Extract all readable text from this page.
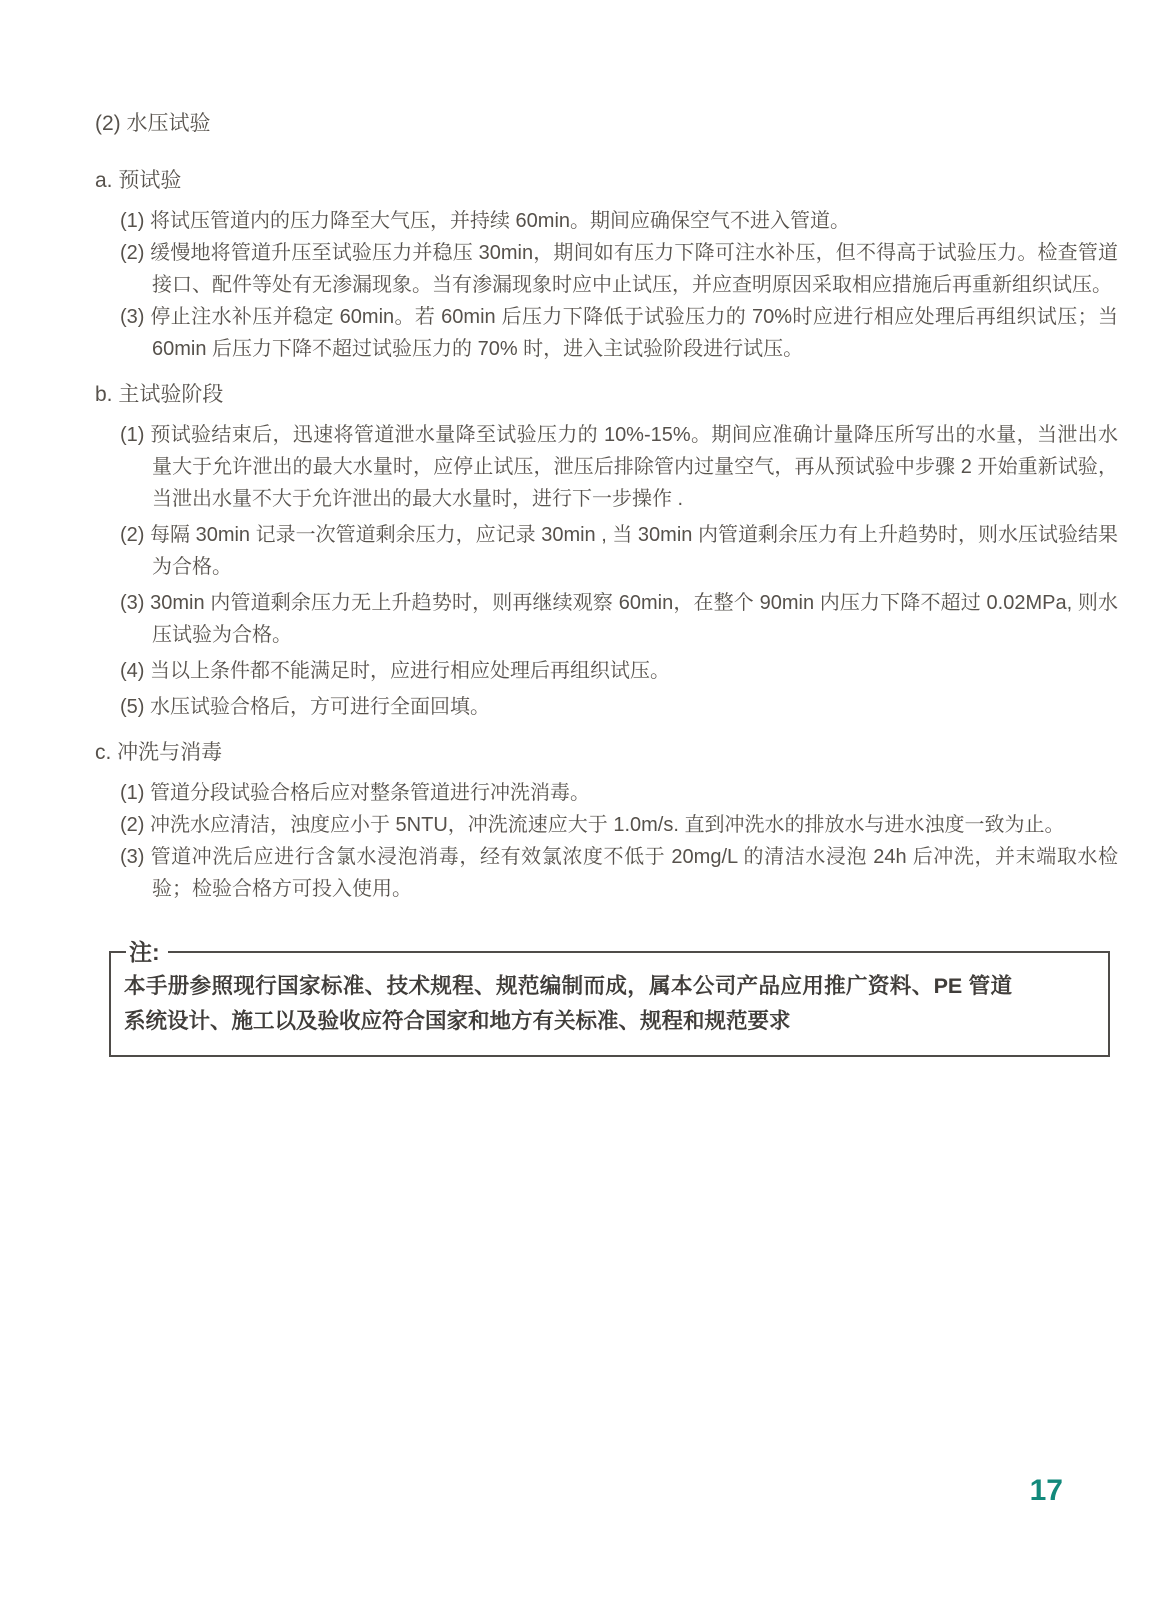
(2) 水压试验

a. 预试验

(1) 将试压管道内的压力降至大气压，并持续 60min。期间应确保空气不进入管道。

(2) 缓慢地将管道升压至试验压力并稳压 30min，期间如有压力下降可注水补压，但不得高于试验压力。检查管道接口、配件等处有无渗漏现象。当有渗漏现象时应中止试压，并应查明原因采取相应措施后再重新组织试压。

(3) 停止注水补压并稳定 60min。若 60min 后压力下降低于试验压力的 70%时应进行相应处理后再组织试压；当 60min 后压力下降不超过试验压力的 70% 时，进入主试验阶段进行试压。

b. 主试验阶段

(1) 预试验结束后，迅速将管道泄水量降至试验压力的 10%-15%。期间应准确计量降压所写出的水量，当泄出水量大于允许泄出的最大水量时，应停止试压，泄压后排除管内过量空气，再从预试验中步骤 2 开始重新试验，当泄出水量不大于允许泄出的最大水量时，进行下一步操作 .

(2) 每隔 30min 记录一次管道剩余压力，应记录 30min , 当 30min 内管道剩余压力有上升趋势时，则水压试验结果为合格。

(3) 30min 内管道剩余压力无上升趋势时，则再继续观察 60min，在整个 90min 内压力下降不超过 0.02MPa, 则水压试验为合格。

(4) 当以上条件都不能满足时，应进行相应处理后再组织试压。

(5) 水压试验合格后，方可进行全面回填。

c. 冲洗与消毒

(1) 管道分段试验合格后应对整条管道进行冲洗消毒。

(2) 冲洗水应清洁，浊度应小于 5NTU，冲洗流速应大于 1.0m/s. 直到冲洗水的排放水与进水浊度一致为止。

(3) 管道冲洗后应进行含氯水浸泡消毒，经有效氯浓度不低于 20mg/L 的清洁水浸泡 24h 后冲洗，并末端取水检验；检验合格方可投入使用。

注:

本手册参照现行国家标准、技术规程、规范编制而成，属本公司产品应用推广资料、PE 管道系统设计、施工以及验收应符合国家和地方有关标准、规程和规范要求

17
